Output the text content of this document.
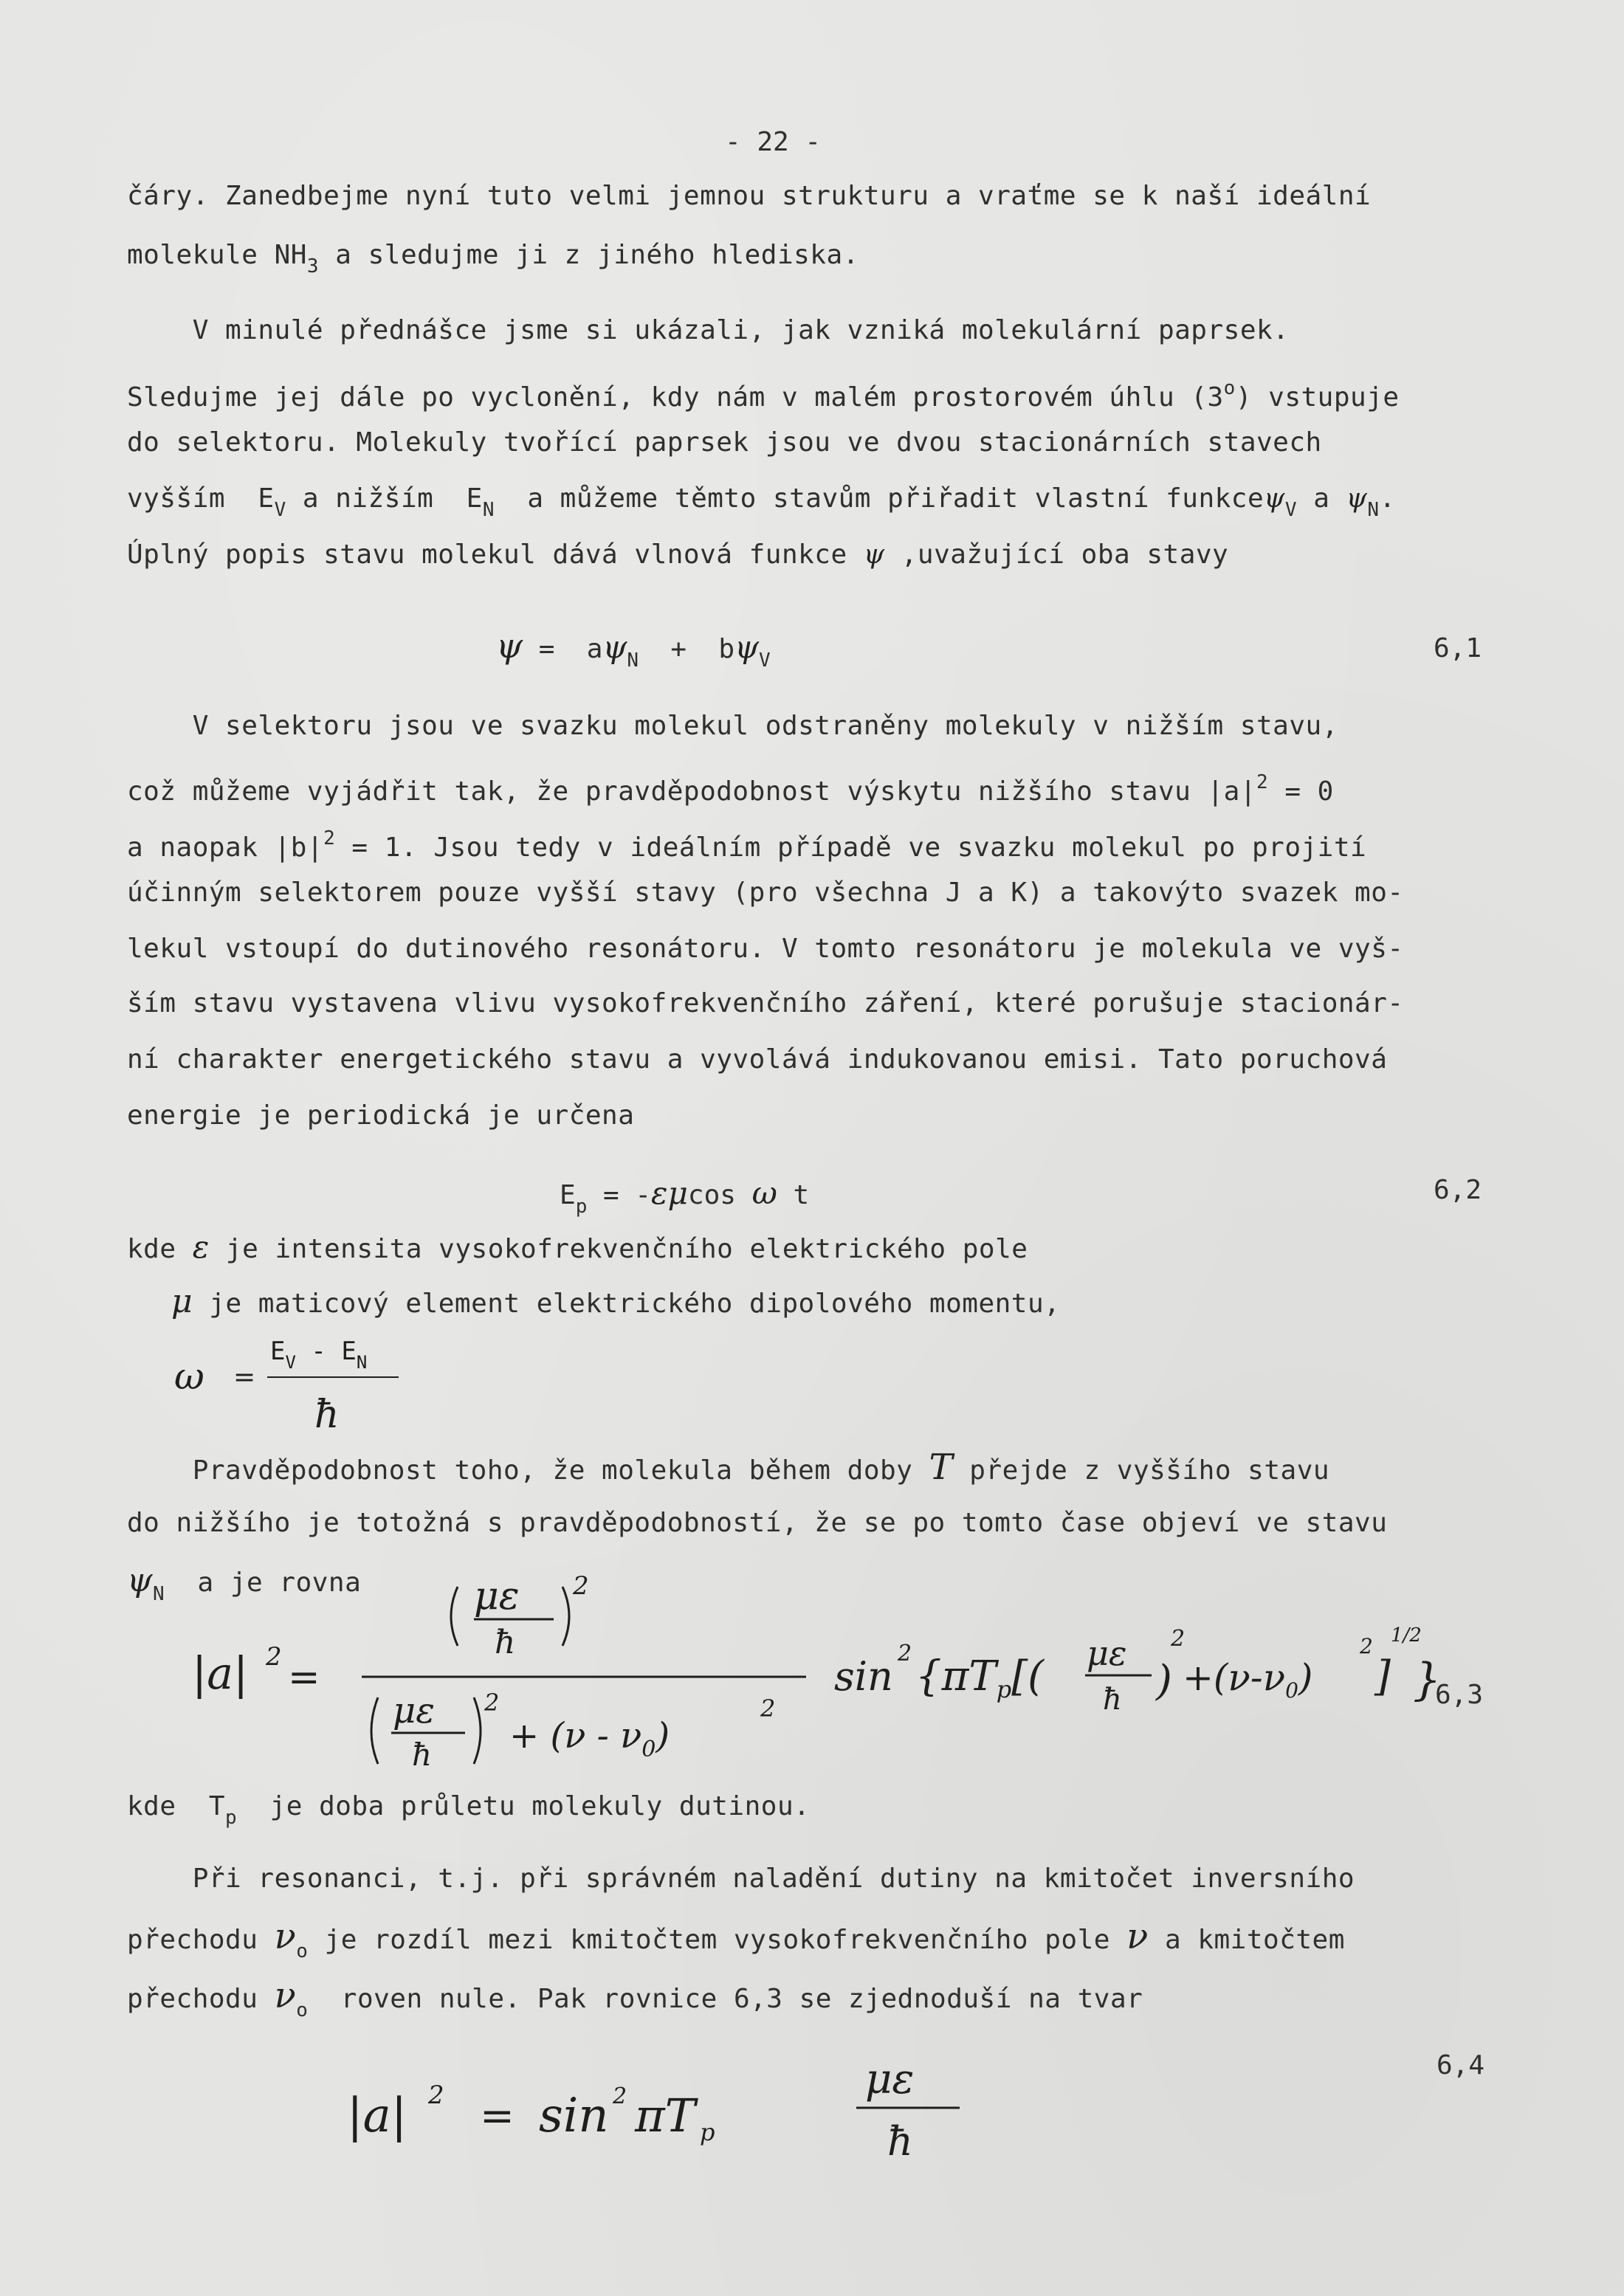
- 22 -
čáry. Zanedbejme nyní tuto velmi jemnou strukturu a vraťme se k naší ideální
molekule $NH_3$ a sledujme ji z jiného hlediska.
V minulé přednášce jsme si ukázali, jak vzniká molekulární paprsek.
Sledujme jej dále po vyclonění, kdy nám v malém prostorovém úhlu (3$^o$) vstupuje
do selektoru. Molekuly tvořící paprsek jsou ve dvou stacionárních stavech
vyšším  $E_V$ a nižším  $E_N$  a můžeme těmto stavům přiřadit vlastní funkceψ$_V$ a $\psi_N$.
Úplný popis stavu molekul dává vlnová funkce ψ ,uvažující oba stavy
$\psi = a\psi_N + b\psi_V$	6,1
V selektoru jsou ve svazku molekul odstraněny molekuly v nižším stavu,
což můžeme vyjádřit tak, že pravděpodobnost výskytu nižšího stavu $|a|^2 = 0$
a naopak $|b|^2 = 1$. Jsou tedy v ideálním případě ve svazku molekul po projití
účinným selektorem pouze vyšší stavy (pro všechna J a K) a takovýto svazek mo-
lekul vstoupí do dutinového resonátoru. V tomto resonátoru je molekula ve vyš-
ším stavu vystavena vlivu vysokofrekvenčního záření, které porušuje stacionár-
ní charakter energetického stavu a vyvolává indukovanou emisi. Tato poruchová
energie je periodická je určena
$E_p = -\varepsilon\mu\cos$ ω t	6,2
kde ε je intensita vysokofrekvenčního elektrického pole
μ je maticový element elektrického dipolového momentu,
ω =
$E_V - E_N$
ħ
Pravděpodobnost toho, že molekula během doby T přejde z vyššího stavu
do nižšího je totožná s pravděpodobností, že se po tomto čase objeví ve stavu
$\psi_N$  a je rovna
|a| 2 =
με
ħ
2
με
ħ
2
+ $(\nu - \nu_0)$
2
sin 2 {πTp[( με
ħ )
2
$+(\nu-\nu_0)$
2
]
1/2
}
6,3
kde  $T_p$  je doba průletu molekuly dutinou.
Při resonanci, t.j. při správném naladění dutiny na kmitočet inversního
přechodu $\nu_o$ je rozdíl mezi kmitočtem vysokofrekvenčního pole ν a kmitočtem
přechodu $\nu_o$  roven nule. Pak rovnice 6,3 se zjednoduší na tvar
|a| 2 = sin 2 πT p
με
ħ
6,4
